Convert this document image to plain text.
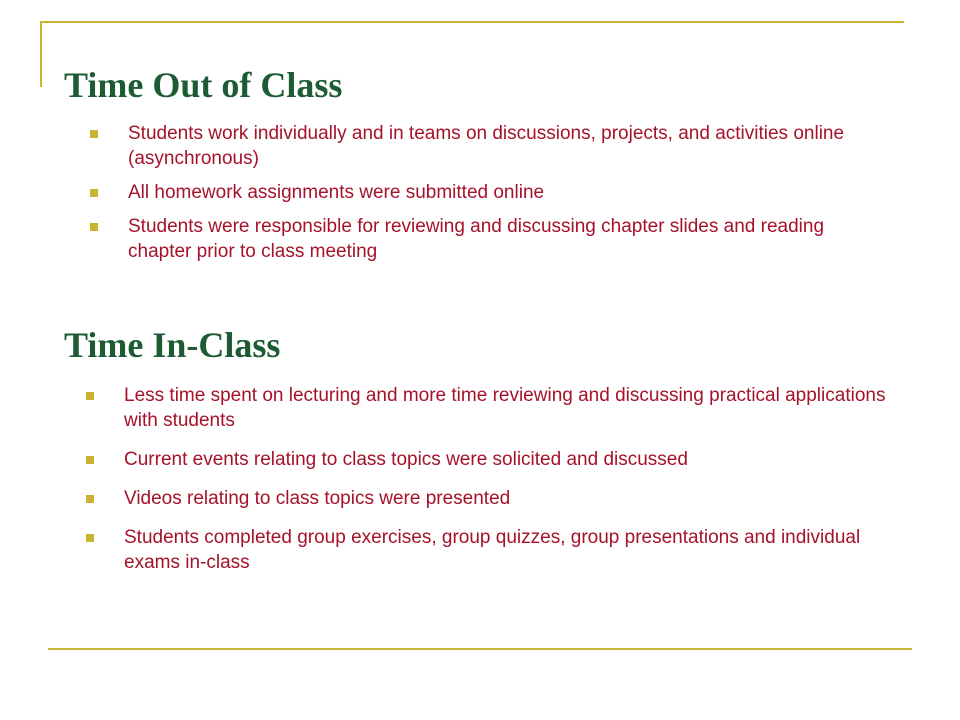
Time Out of Class
Students work individually and in teams on discussions, projects, and activities online (asynchronous)
All homework assignments were submitted online
Students were responsible for reviewing and discussing chapter slides and reading chapter prior to class meeting
Time In-Class
Less time spent on lecturing and more time reviewing and discussing practical applications with students
Current events relating to class topics were solicited and discussed
Videos relating to class topics were presented
Students completed group exercises, group quizzes, group presentations and individual exams in-class
